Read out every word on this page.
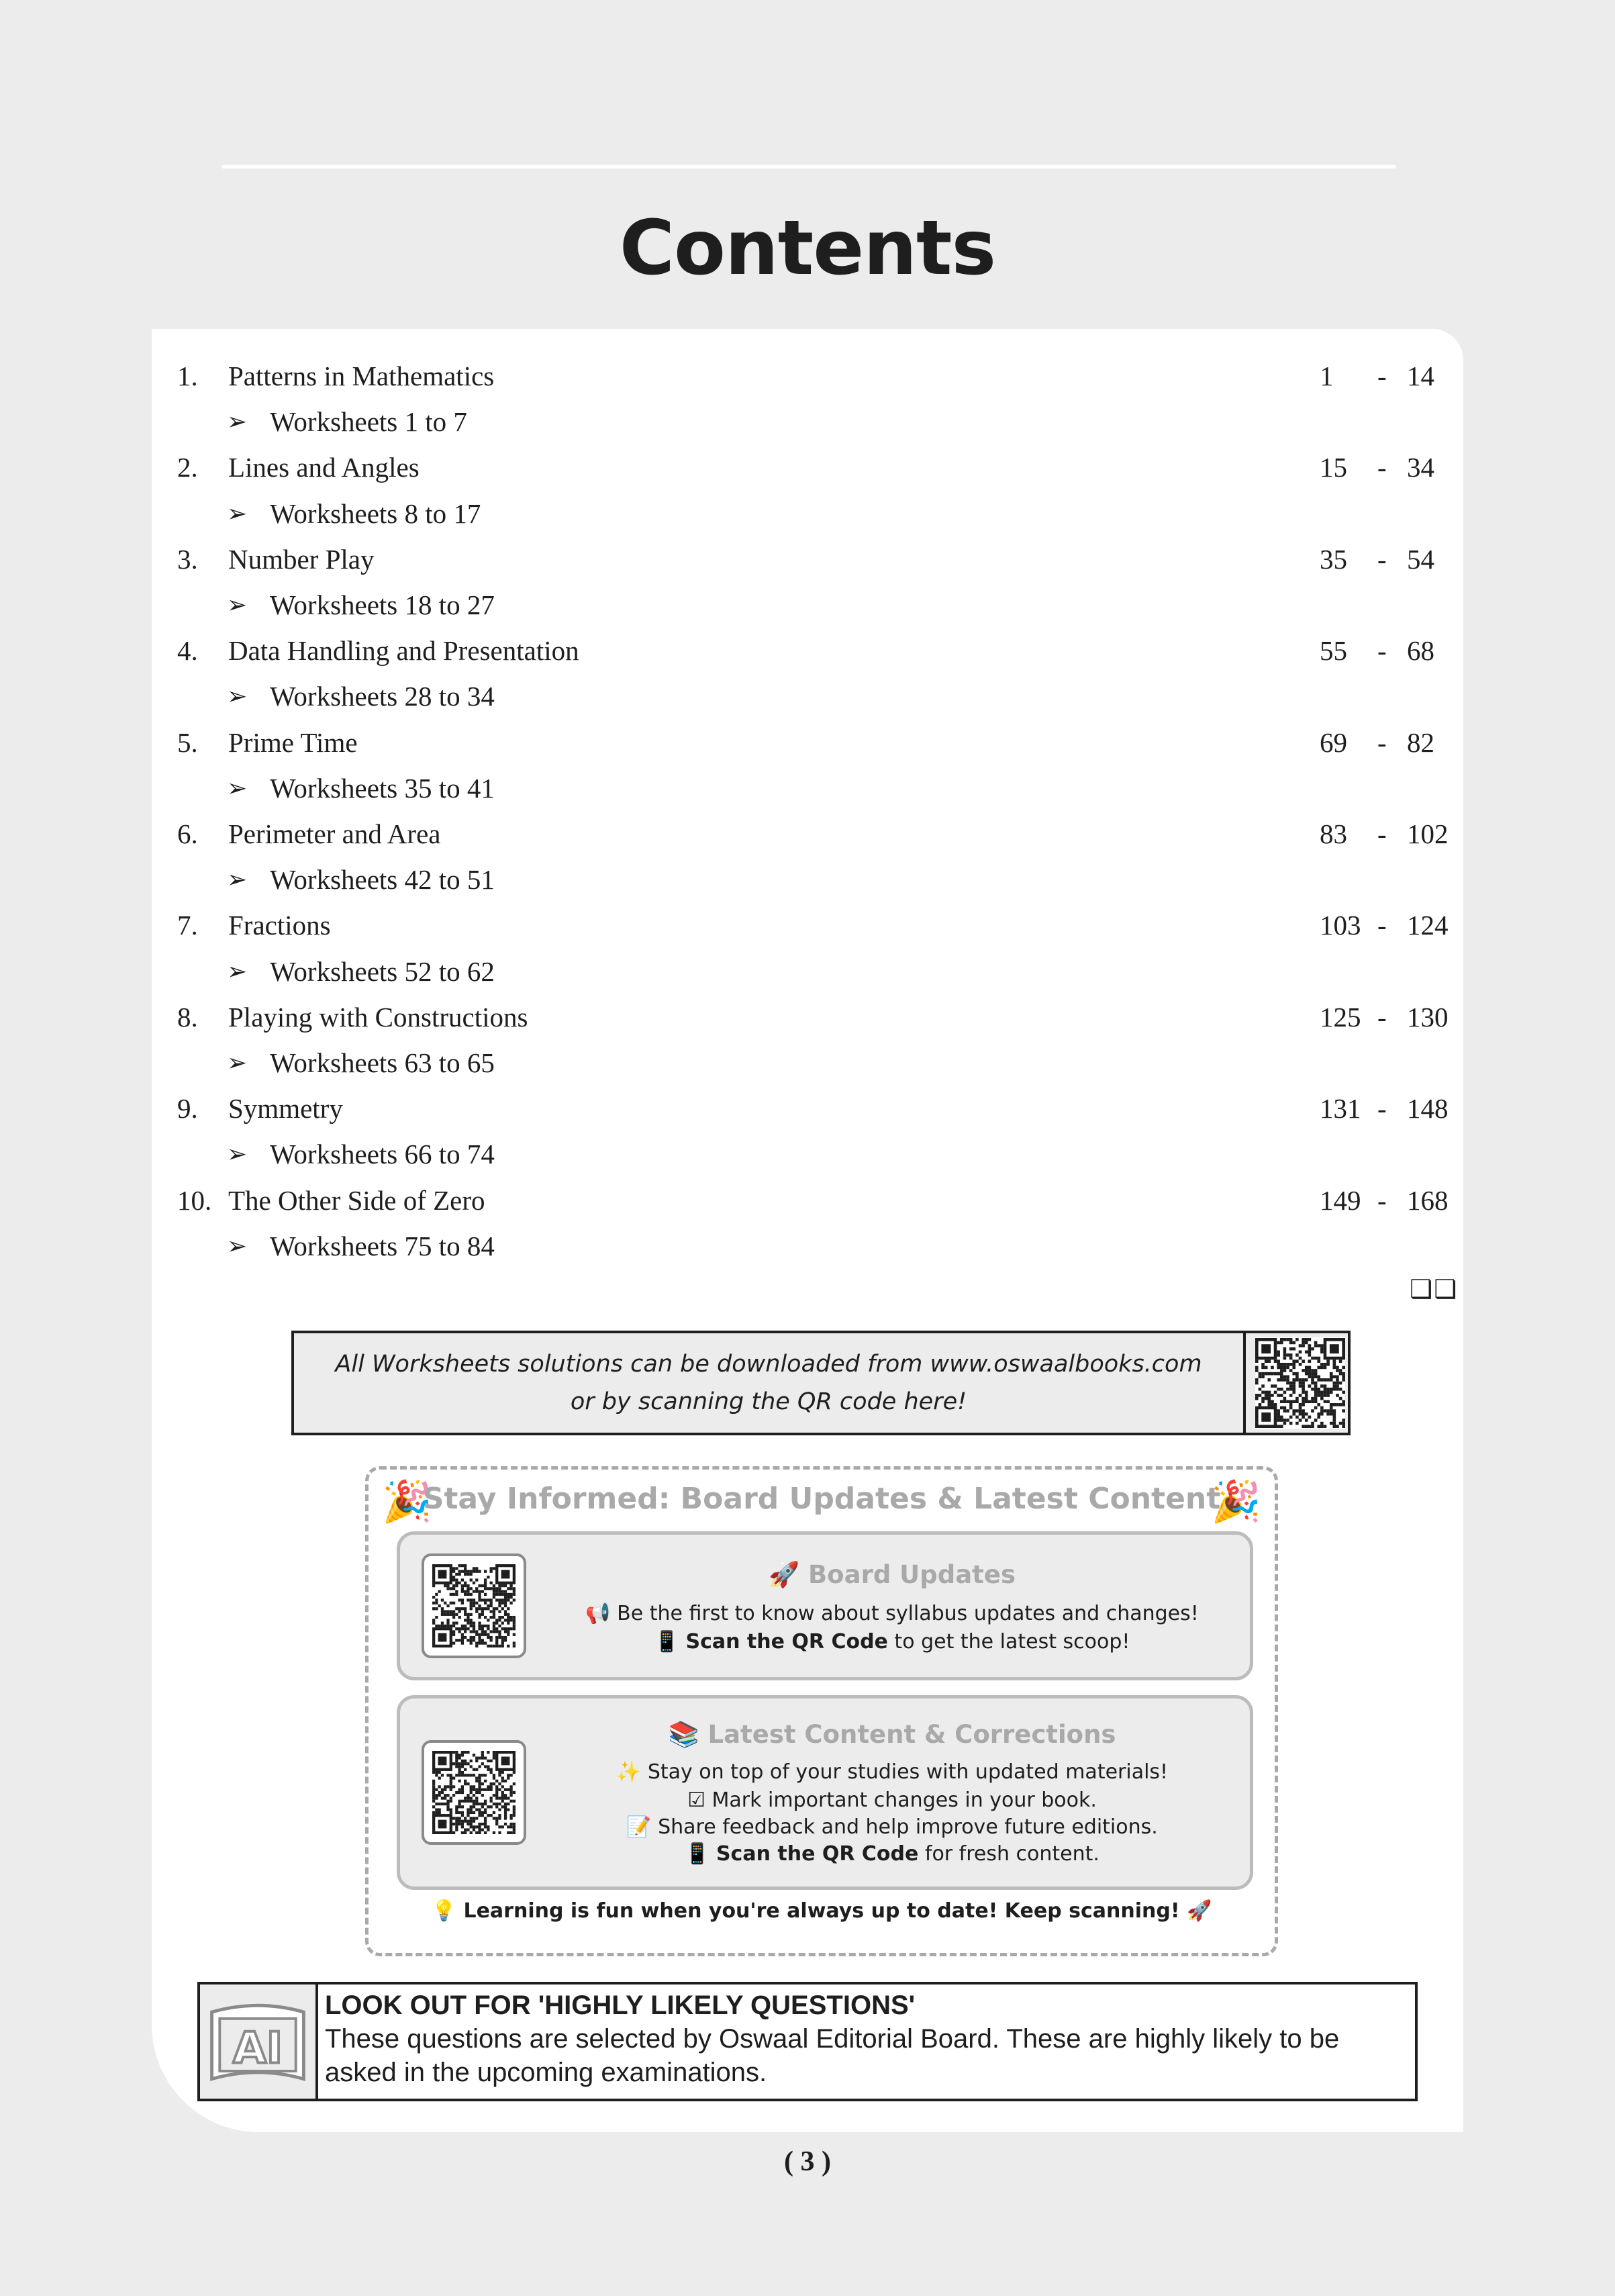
Contents
1. Patterns in Mathematics	1 - 14
➢ Worksheets 1 to 7
2. Lines and Angles	15 - 34
➢ Worksheets 8 to 17
3. Number Play	35 - 54
➢ Worksheets 18 to 27
4. Data Handling and Presentation	55 - 68
➢ Worksheets 28 to 34
5. Prime Time	69 - 82
➢ Worksheets 35 to 41
6. Perimeter and Area	83 - 102
➢ Worksheets 42 to 51
7. Fractions	103 - 124
➢ Worksheets 52 to 62
8. Playing with Constructions	125 - 130
➢ Worksheets 63 to 65
9. Symmetry	131 - 148
➢ Worksheets 66 to 74
10. The Other Side of Zero	149 - 168
➢ Worksheets 75 to 84
❏❏
All Worksheets solutions can be downloaded from www.oswaalbooks.com
or by scanning the QR code here!
🎉
Stay Informed: Board Updates & Latest Content
🎉
🚀 Board Updates
📢 Be the first to know about syllabus updates and changes!
📱 Scan the QR Code to get the latest scoop!
📚 Latest Content & Corrections
✨ Stay on top of your studies with updated materials!
☑ Mark important changes in your book.
📝 Share feedback and help improve future editions.
📱 Scan the QR Code for fresh content.
💡 Learning is fun when you're always up to date! Keep scanning! 🚀
AI
LOOK OUT FOR 'HIGHLY LIKELY QUESTIONS'
These questions are selected by Oswaal Editorial Board. These are highly likely to be asked in the upcoming examinations.
( 3 )
